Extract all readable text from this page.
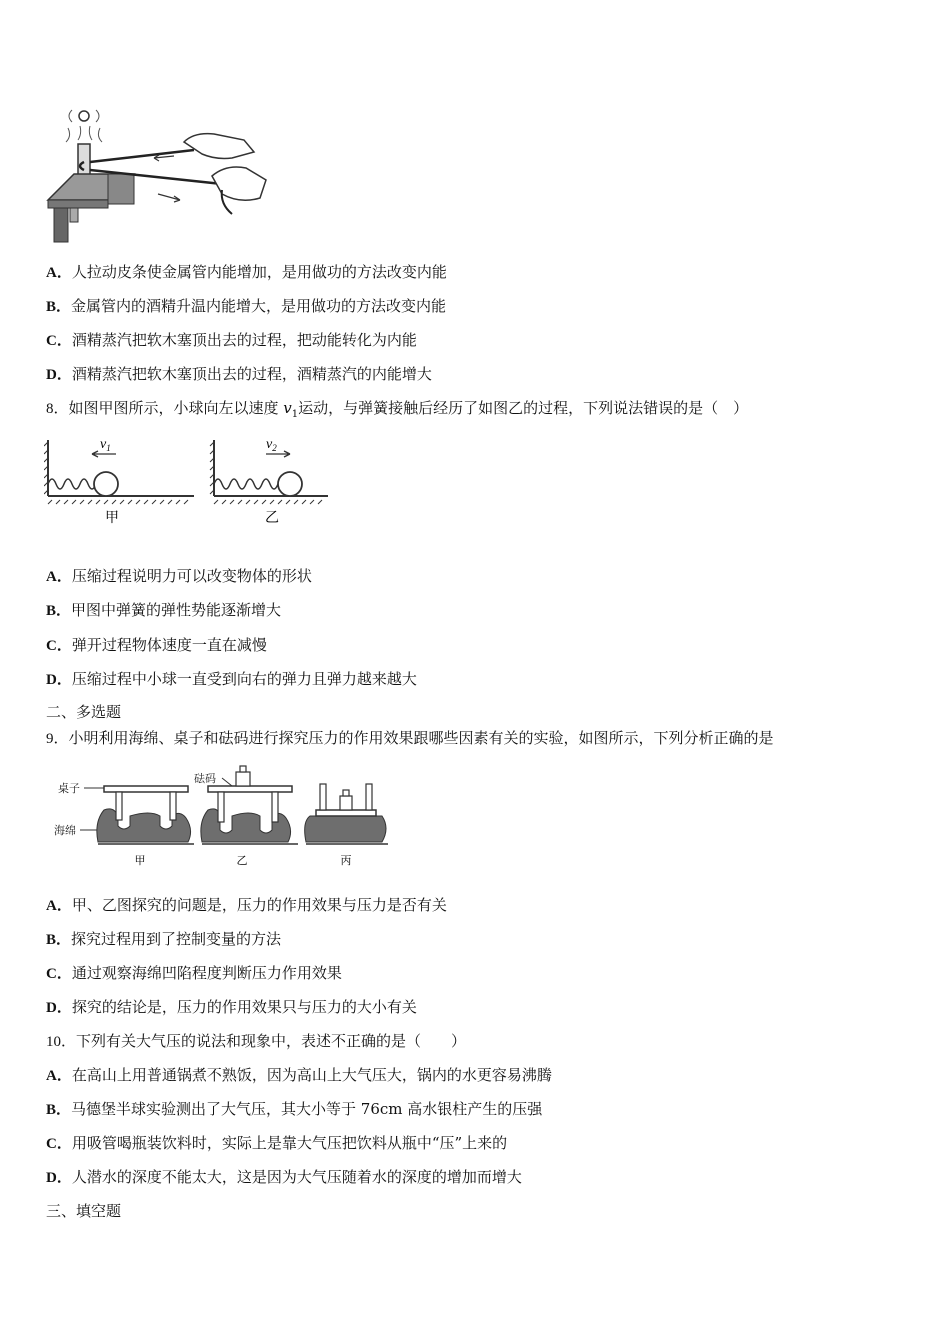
A．人拉动皮条使金属管内能增加，是用做功的方法改变内能
B．金属管内的酒精升温内能增大，是用做功的方法改变内能
C．酒精蒸汽把软木塞顶出去的过程，把动能转化为内能
D．酒精蒸汽把软木塞顶出去的过程，酒精蒸汽的内能增大
8．如图甲图所示，小球向左以速度 $v_1$运动，与弹簧接触后经历了如图乙的过程，下列说法错误的是（　）
$v_1$
甲
$v_2$
乙
A．压缩过程说明力可以改变物体的形状
B．甲图中弹簧的弹性势能逐渐增大
C．弹开过程物体速度一直在减慢
D．压缩过程中小球一直受到向右的弹力且弹力越来越大
二、多选题
9．小明利用海绵、桌子和砝码进行探究压力的作用效果跟哪些因素有关的实验，如图所示，下列分析正确的是
桌子
海绵
砝码
甲	乙	丙
A．甲、乙图探究的问题是，压力的作用效果与压力是否有关
B．探究过程用到了控制变量的方法
C．通过观察海绵凹陷程度判断压力作用效果
D．探究的结论是，压力的作用效果只与压力的大小有关
10．下列有关大气压的说法和现象中，表述不正确的是（　　）
A．在高山上用普通锅煮不熟饭，因为高山上大气压大，锅内的水更容易沸腾
B．马德堡半球实验测出了大气压，其大小等于 76cm 高水银柱产生的压强
C．用吸管喝瓶装饮料时，实际上是靠大气压把饮料从瓶中“压”上来的
D．人潜水的深度不能太大，这是因为大气压随着水的深度的增加而增大
三、填空题
